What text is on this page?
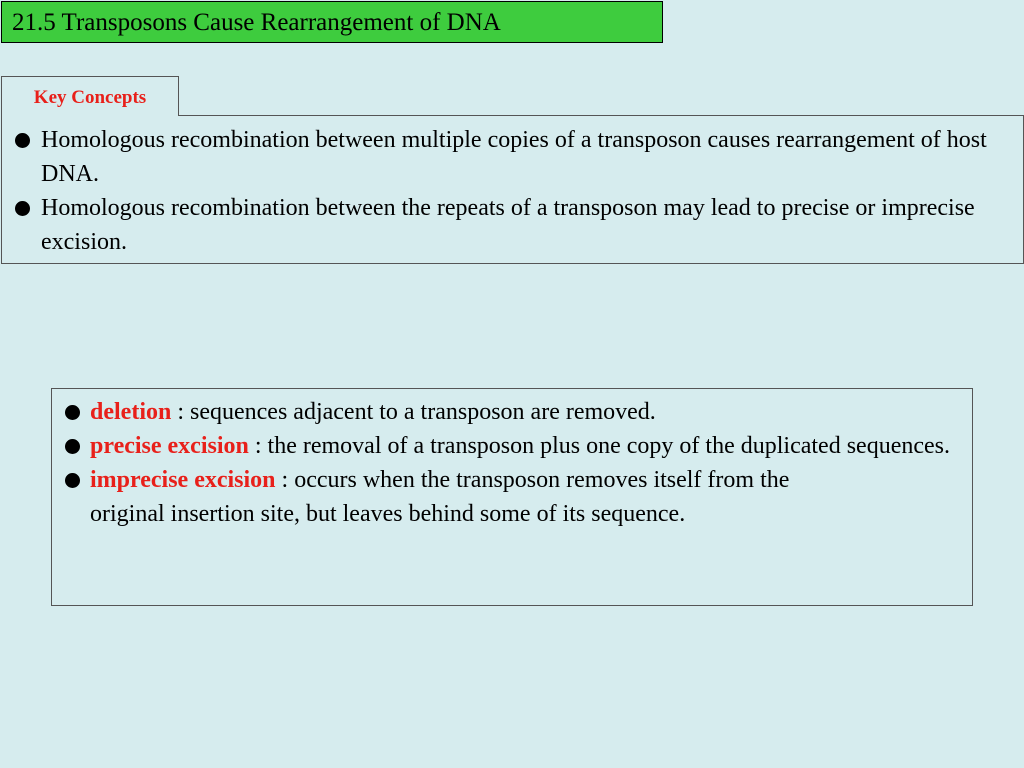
21.5 Transposons Cause Rearrangement of DNA
Key Concepts
Homologous recombination between multiple copies of a transposon causes rearrangement of host DNA.
Homologous recombination between the repeats of a transposon may lead to precise or imprecise excision.
deletion : sequences adjacent to a transposon are removed.
precise excision : the removal of a transposon plus one copy of the duplicated sequences.
imprecise excision : occurs when the transposon removes itself from the original insertion site, but leaves behind some of its sequence.
